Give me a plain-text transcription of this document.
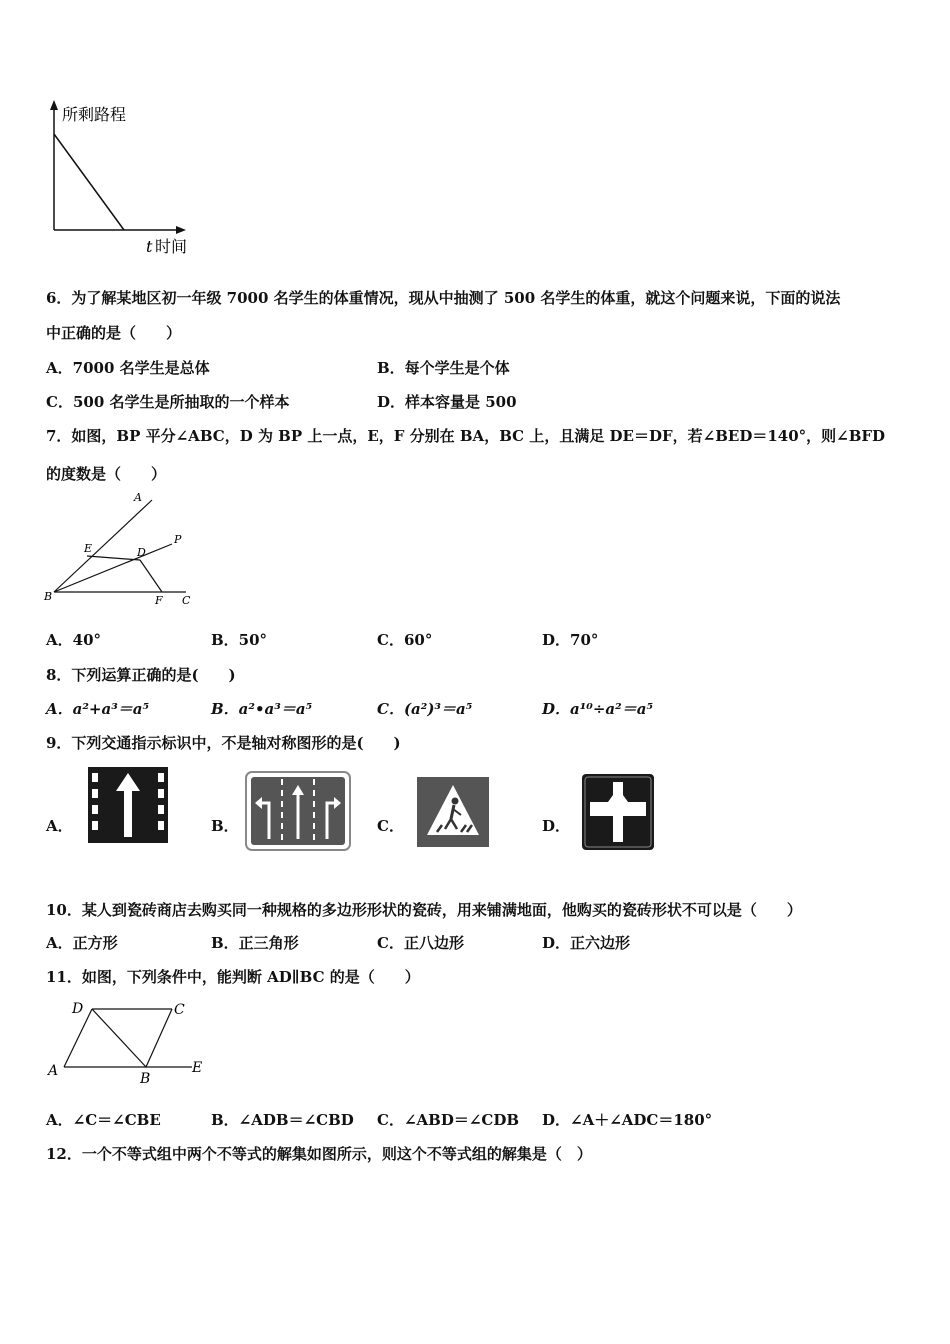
所剩路程
t 时间
6．为了解某地区初一年级 7000 名学生的体重情况，现从中抽测了 500 名学生的体重，就这个问题来说，下面的说法
中正确的是（　　）
A．7000 名学生是总体	B．每个学生是个体
C．500 名学生是所抽取的一个样本	D．样本容量是 500
7．如图，BP 平分∠ABC，D 为 BP 上一点，E，F 分别在 BA，BC 上，且满足 DE＝DF，若∠BED＝140°，则∠BFD
的度数是（　　）
A
P
E	D
B	F C
A．40°	B．50°	C．60°	D．70°
8．下列运算正确的是(　　)
A．a²+a³＝a⁵	B．a²•a³＝a⁵	C．(a²)³＝a⁵	D．a¹⁰÷a²＝a⁵
9．下列交通指示标识中，不是轴对称图形的是(　　)
A．	B．	C．	D．
10．某人到瓷砖商店去购买同一种规格的多边形形状的瓷砖，用来铺满地面，他购买的瓷砖形状不可以是（　　）
A．正方形	B．正三角形	C．正八边形	D．正六边形
11．如图，下列条件中，能判断 AD∥BC 的是（　　）
D	C
A	B
E
A．∠C＝∠CBE	B．∠ADB＝∠CBD C．∠ABD＝∠CDB D．∠A＋∠ADC＝180°
12．一个不等式组中两个不等式的解集如图所示，则这个不等式组的解集是（　）
